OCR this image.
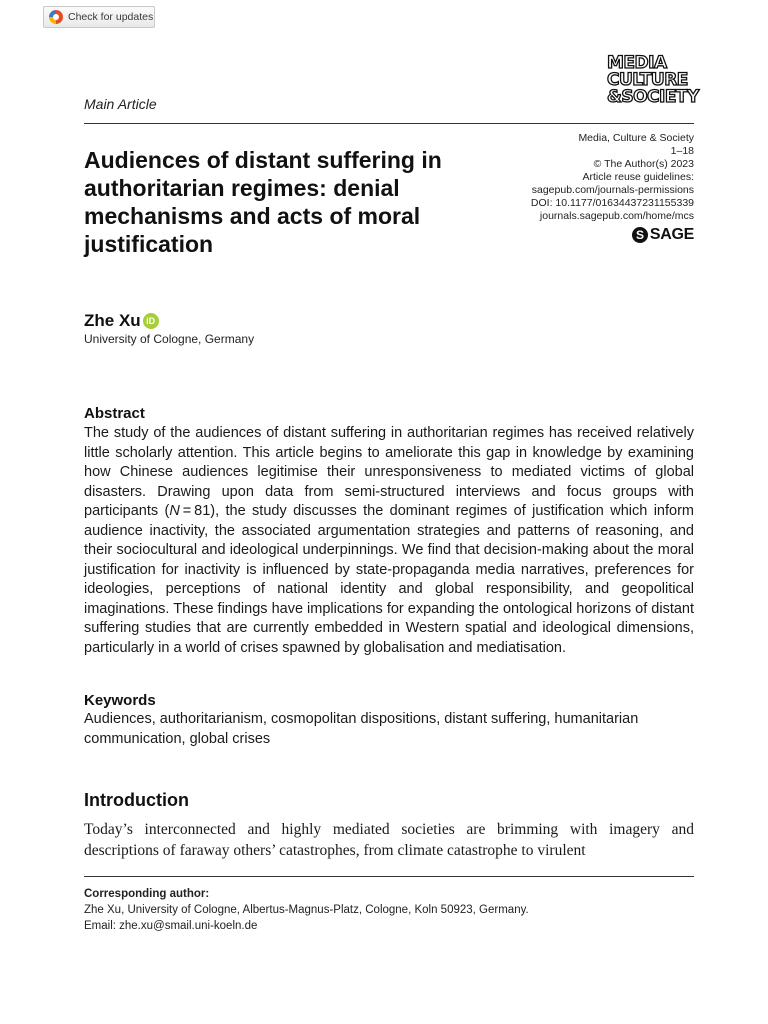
Check for updates
MEDIA
CULTURE
&SOCIETY
Main Article
Media, Culture & Society
1–18
© The Author(s) 2023
Article reuse guidelines:
sagepub.com/journals-permissions
DOI: 10.1177/01634437231155339
journals.sagepub.com/home/mcs
S SAGE
Audiences of distant suffering in authoritarian regimes: denial mechanisms and acts of moral justification
Zhe Xu iD
University of Cologne, Germany
Abstract

The study of the audiences of distant suffering in authoritarian regimes has received relatively little scholarly attention. This article begins to ameliorate this gap in knowledge by examining how Chinese audiences legitimise their unresponsiveness to mediated victims of global disasters. Drawing upon data from semi-structured interviews and focus groups with participants (N = 81), the study discusses the dominant regimes of justification which inform audience inactivity, the associated argumentation strategies and patterns of reasoning, and their sociocultural and ideological underpinnings. We find that decision-making about the moral justification for inactivity is influenced by state-propaganda media narratives, preferences for ideologies, perceptions of national identity and global responsibility, and geopolitical imaginations. These findings have implications for expanding the ontological horizons of distant suffering studies that are currently embedded in Western spatial and ideological dimensions, particularly in a world of crises spawned by globalisation and mediatisation.

Keywords
Audiences, authoritarianism, cosmopolitan dispositions, distant suffering, humanitarian communication, global crises
Introduction

Today’s interconnected and highly mediated societies are brimming with imagery and descriptions of faraway others’ catastrophes, from climate catastrophe to virulent

Corresponding author:
Zhe Xu, University of Cologne, Albertus-Magnus-Platz, Cologne, Koln 50923, Germany.
Email: zhe.xu@smail.uni-koeln.de
